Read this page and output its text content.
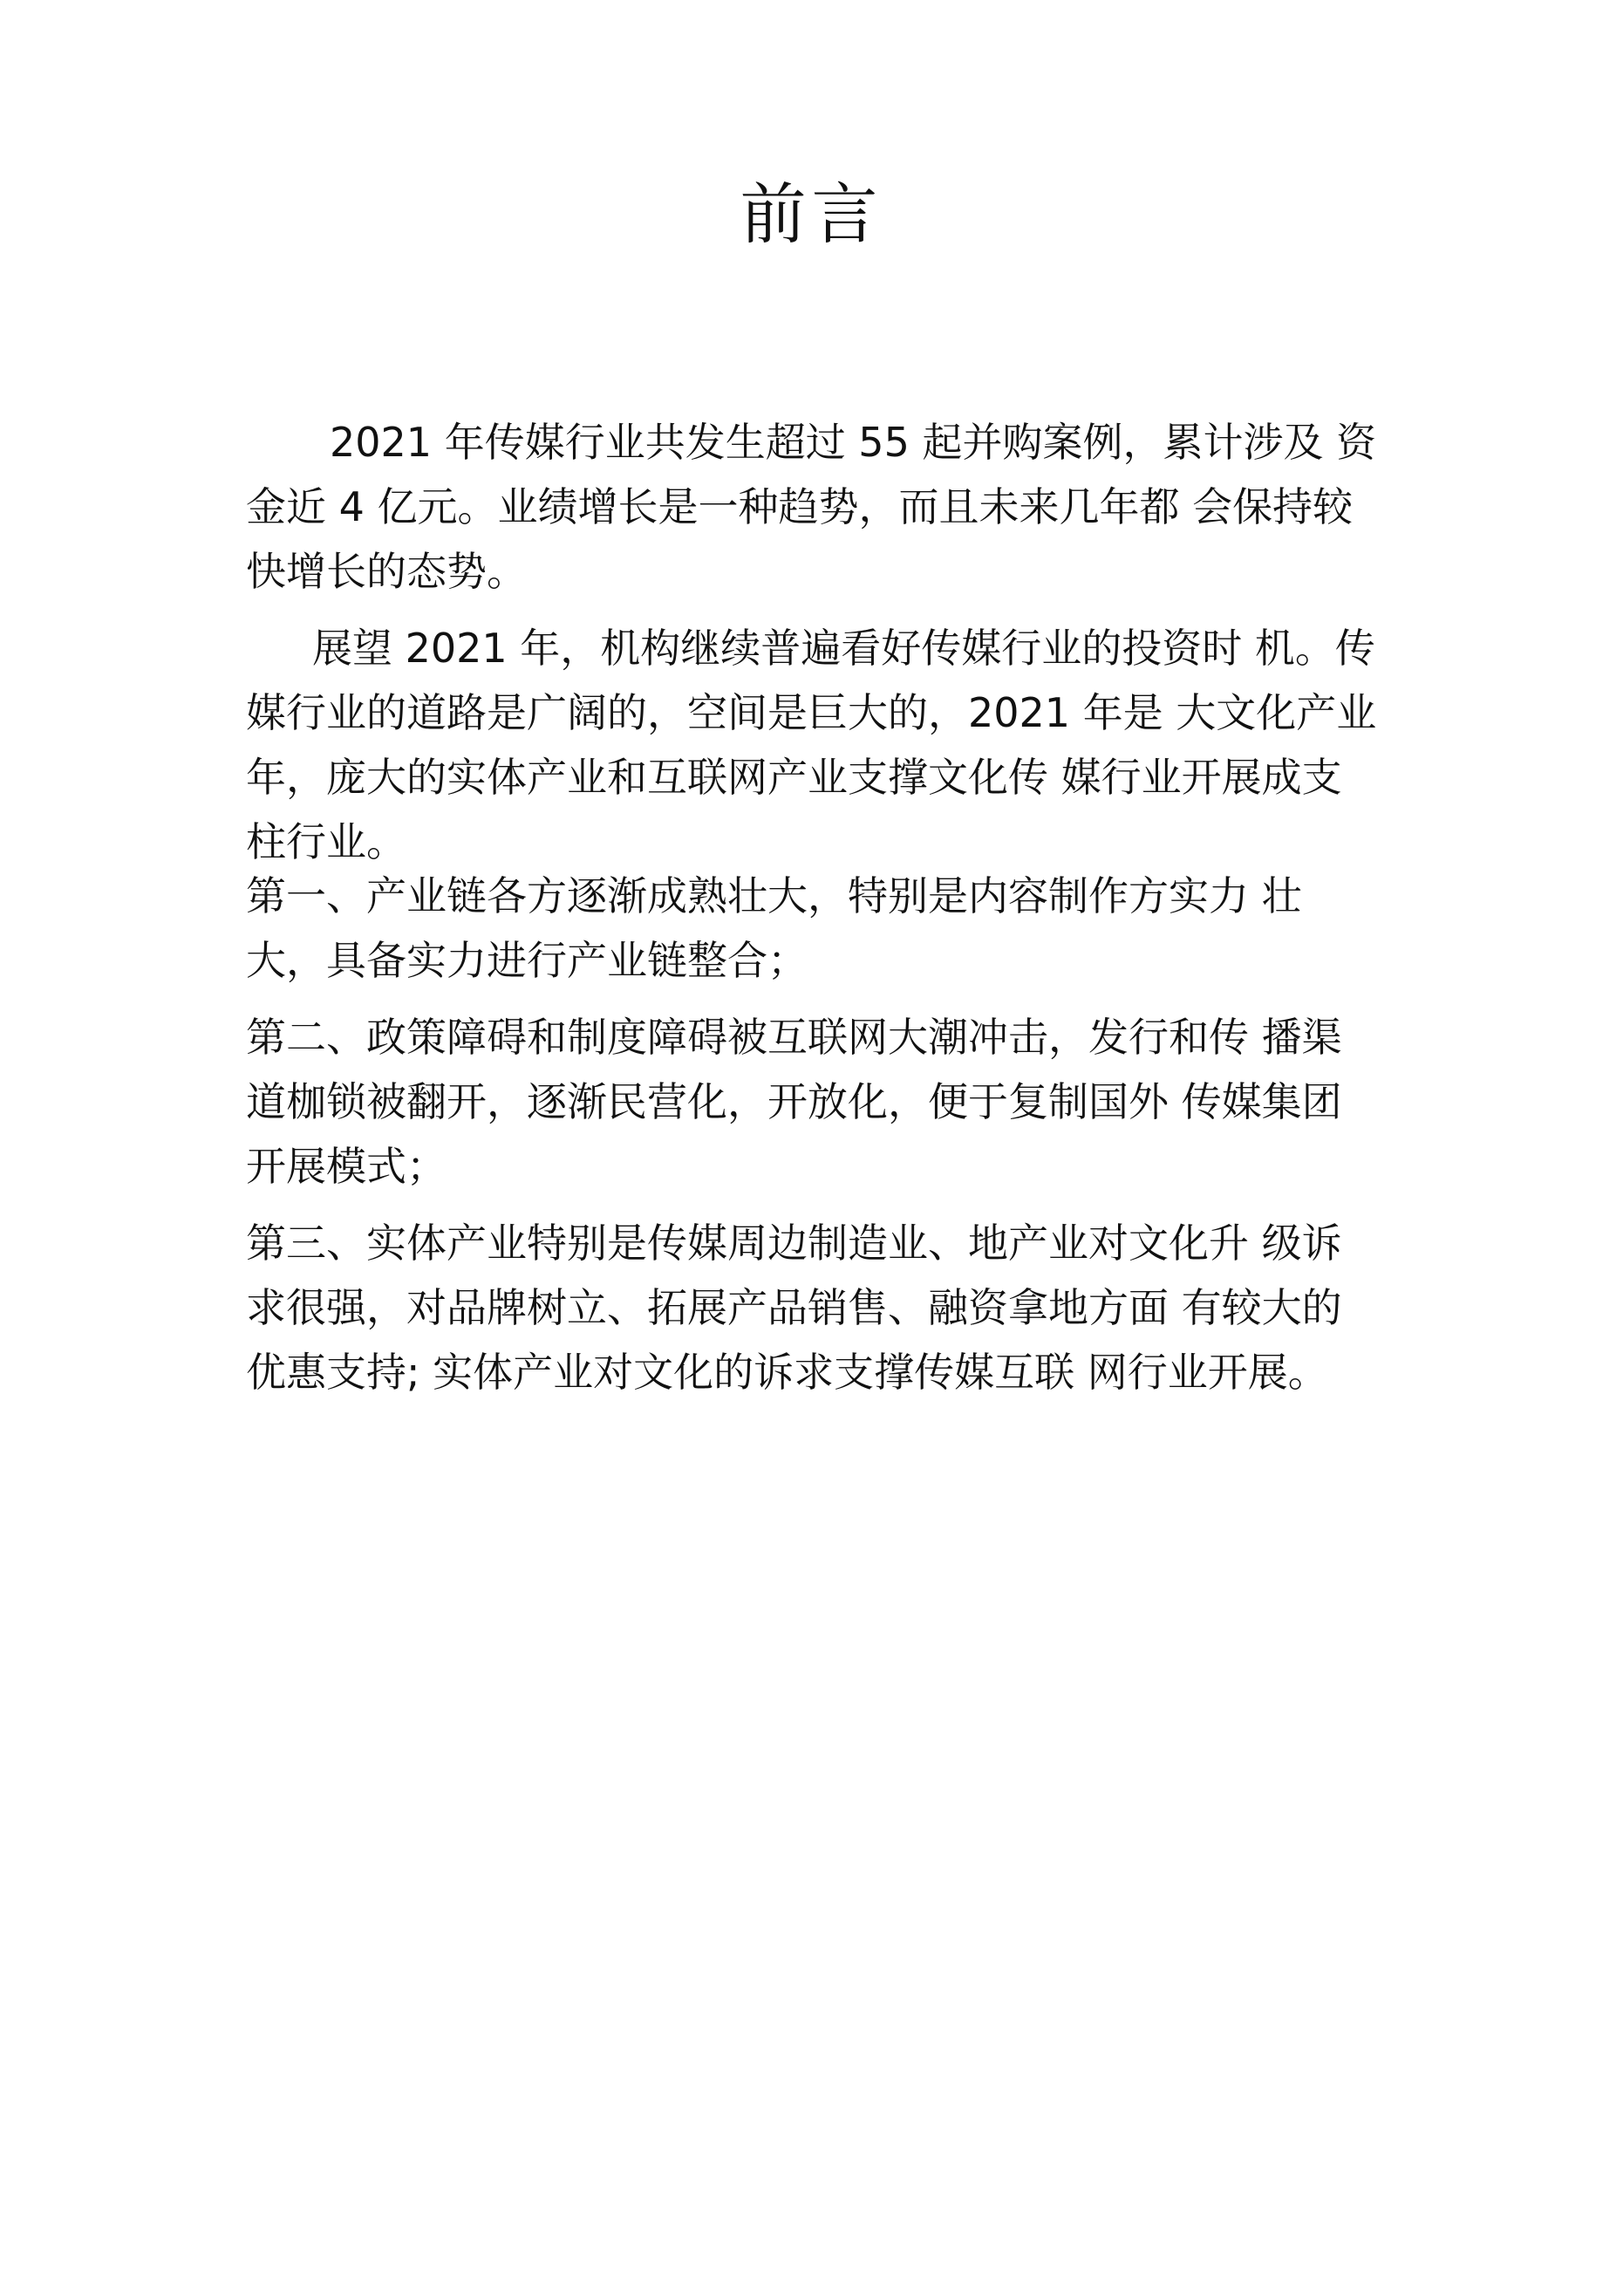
前言

2021 年传媒行业共发生超过 55 起并购案例，累计涉及 资金近 4 亿元。业绩增长是一种趋势，而且未来几年都 会保持较快增长的态势。

展望 2021 年，机构继续普遍看好传媒行业的投资时 机。传媒行业的道路是广阔的，空间是巨大的，2021 年是 大文化产业年，庞大的实体产业和互联网产业支撑文化传 媒行业开展成支柱行业。

第一、产业链各方逐渐成熟壮大，特别是内容制作方实力 壮大，具备实力进行产业链整合；

第二、政策障碍和制度障碍被互联网大潮冲击，发行和传 播渠道枷锁被翻开，逐渐民营化，开放化，便于复制国外 传媒集团开展模式；

第三、实体产业特别是传媒周边制造业、地产业对文化升 级诉求很强，对品牌树立、拓展产品销售、融资拿地方面 有较大的优惠支持; 实体产业对文化的诉求支撑传媒互联 网行业开展。
